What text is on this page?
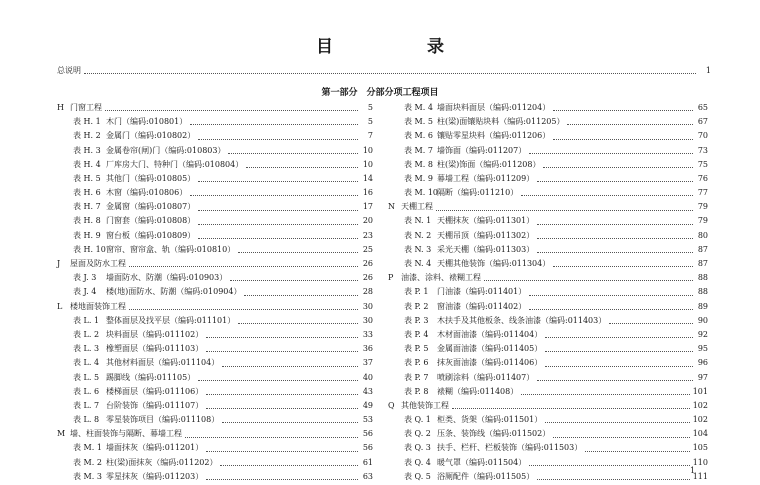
目 录
总说明	1
第一部分　分部分项工程项目
H 门窗工程	5
表 H. 1 木门（编码:010801）	5
表 H. 2 金属门（编码:010802）	7
表 H. 3 金属卷帘(闸)门（编码:010803）	10
表 H. 4 厂库房大门、特种门（编码:010804）	10
表 H. 5 其他门（编码:010805）	14
表 H. 6 木窗（编码:010806）	16
表 H. 7 金属窗（编码:010807）	17
表 H. 8 门窗套（编码:010808）	20
表 H. 9 窗台板（编码:010809）	23
表 H. 10窗帘、窗帘盒、轨（编码:010810）	25
J 屋面及防水工程	26
表 J. 3 墙面防水、防潮（编码:010903）	26
表 J. 4 楼(地)面防水、防潮（编码:010904）	28
L 楼地面装饰工程	30
表 L. 1 整体面层及找平层（编码:011101）	30
表 L. 2 块料面层（编码:011102）	33
表 L. 3 橡塑面层（编码:011103）	36
表 L. 4 其他材料面层（编码:011104）	37
表 L. 5 踢脚线（编码:011105）	40
表 L. 6 楼梯面层（编码:011106）	43
表 L. 7 台阶装饰（编码:011107）	49
表 L. 8 零星装饰项目（编码:011108）	53
M 墙、柱面装饰与隔断、幕墙工程	56
表 M. 1 墙面抹灰（编码:011201）	56
表 M. 2 柱(梁)面抹灰（编码:011202）	61
表 M. 3 零星抹灰（编码:011203）	63
表 M. 4 墙面块料面层（编码:011204）	65
表 M. 5 柱(梁)面镶贴块料（编码:011205）	67
表 M. 6 镶贴零星块料（编码:011206）	70
表 M. 7 墙饰面（编码:011207）	73
表 M. 8 柱(梁)饰面（编码:011208）	75
表 M. 9 幕墙工程（编码:011209）	76
表 M. 10隔断（编码:011210）	77
N 天棚工程	79
表 N. 1 天棚抹灰（编码:011301）	79
表 N. 2 天棚吊顶（编码:011302）	80
表 N. 3 采光天棚（编码:011303）	87
表 N. 4 天棚其他装饰（编码:011304）	87
P 油漆、涂料、裱糊工程	88
表 P. 1 门油漆（编码:011401）	88
表 P. 2 窗油漆（编码:011402）	89
表 P. 3 木扶手及其他板条、线条油漆（编码:011403）	90
表 P. 4 木材面油漆（编码:011404）	92
表 P. 5 金属面油漆（编码:011405）	95
表 P. 6 抹灰面油漆（编码:011406）	96
表 P. 7 喷刷涂料（编码:011407）	97
表 P. 8 裱糊（编码:011408）	101
Q 其他装饰工程	102
表 Q. 1 柜类、货架（编码:011501）	102
表 Q. 2 压条、装饰线（编码:011502）	104
表 Q. 3 扶手、栏杆、栏板装饰（编码:011503）	105
表 Q. 4 暖气罩（编码:011504）	110
表 Q. 5 浴厕配件（编码:011505）	111
1
